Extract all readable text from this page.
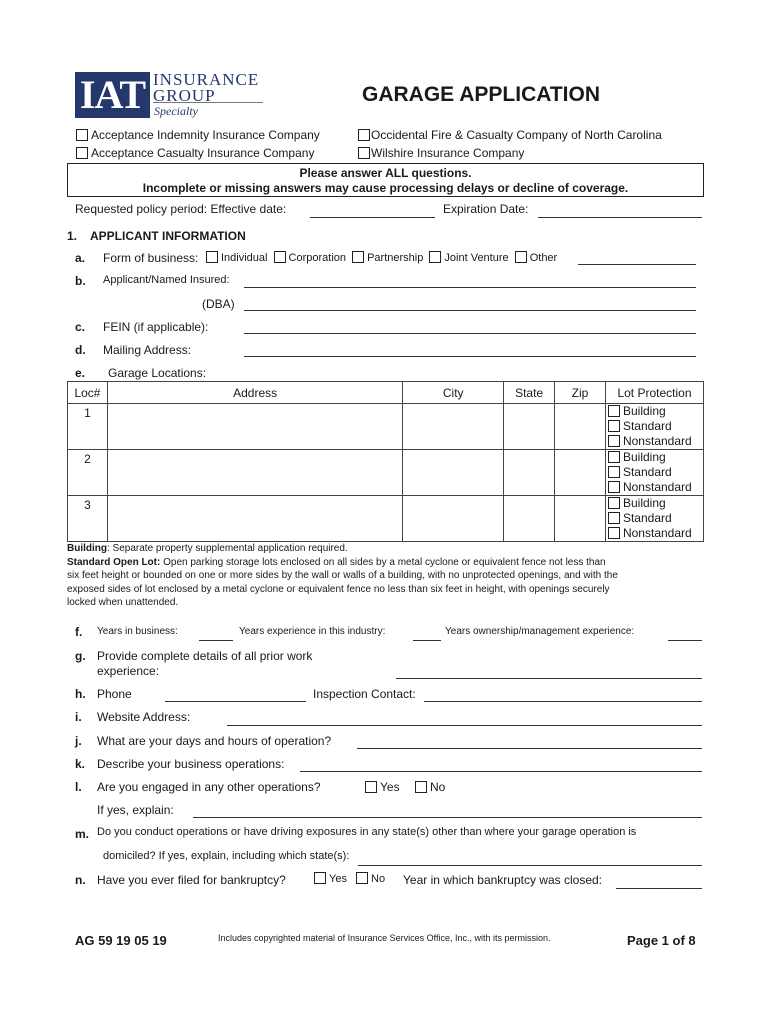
IAT INSURANCE
GROUP
Specialty
GARAGE APPLICATION
Acceptance Indemnity Insurance Company
Acceptance Casualty Insurance Company
Occidental Fire & Casualty Company of North Carolina
Wilshire Insurance Company
Please answer ALL questions.
Incomplete or missing answers may cause processing delays or decline of coverage.
Requested policy period: Effective date:	Expiration Date:
1. APPLICANT INFORMATION
a. Form of business:	Individual Corporation Partnership Joint Venture Other
b. Applicant/Named Insured:
(DBA)
c. FEIN (if applicable):
d. Mailing Address:
e. Garage Locations:
Loc#	Address	City	State	Zip	Lot Protection
1					Building
Standard
Nonstandard

2					Building
Standard
Nonstandard

3					Building
Standard
Nonstandard
Building: Separate property supplemental application required.
Standard Open Lot: Open parking storage lots enclosed on all sides by a metal cyclone or equivalent fence not less than
six feet height or bounded on one or more sides by the wall or walls of a building, with no unprotected openings, and with the
exposed sides of lot enclosed by a metal cyclone or equivalent fence no less than six feet in height, with openings securely
locked when unattended.
f. Years in business:	Years experience in this industry:	Years ownership/management experience:
g. Provide complete details of all prior work
experience:
h. Phone	Inspection Contact:
i. Website Address:
j. What are your days and hours of operation?
k. Describe your business operations:
l. Are you engaged in any other operations?	Yes	No
If yes, explain:
m. Do you conduct operations or have driving exposures in any state(s) other than where your garage operation is
domiciled? If yes, explain, including which state(s):
n. Have you ever filed for bankruptcy?	Yes	No Year in which bankruptcy was closed:
AG 59 19 05 19	Includes copyrighted material of Insurance Services Office, Inc., with its permission.	Page 1 of 8
